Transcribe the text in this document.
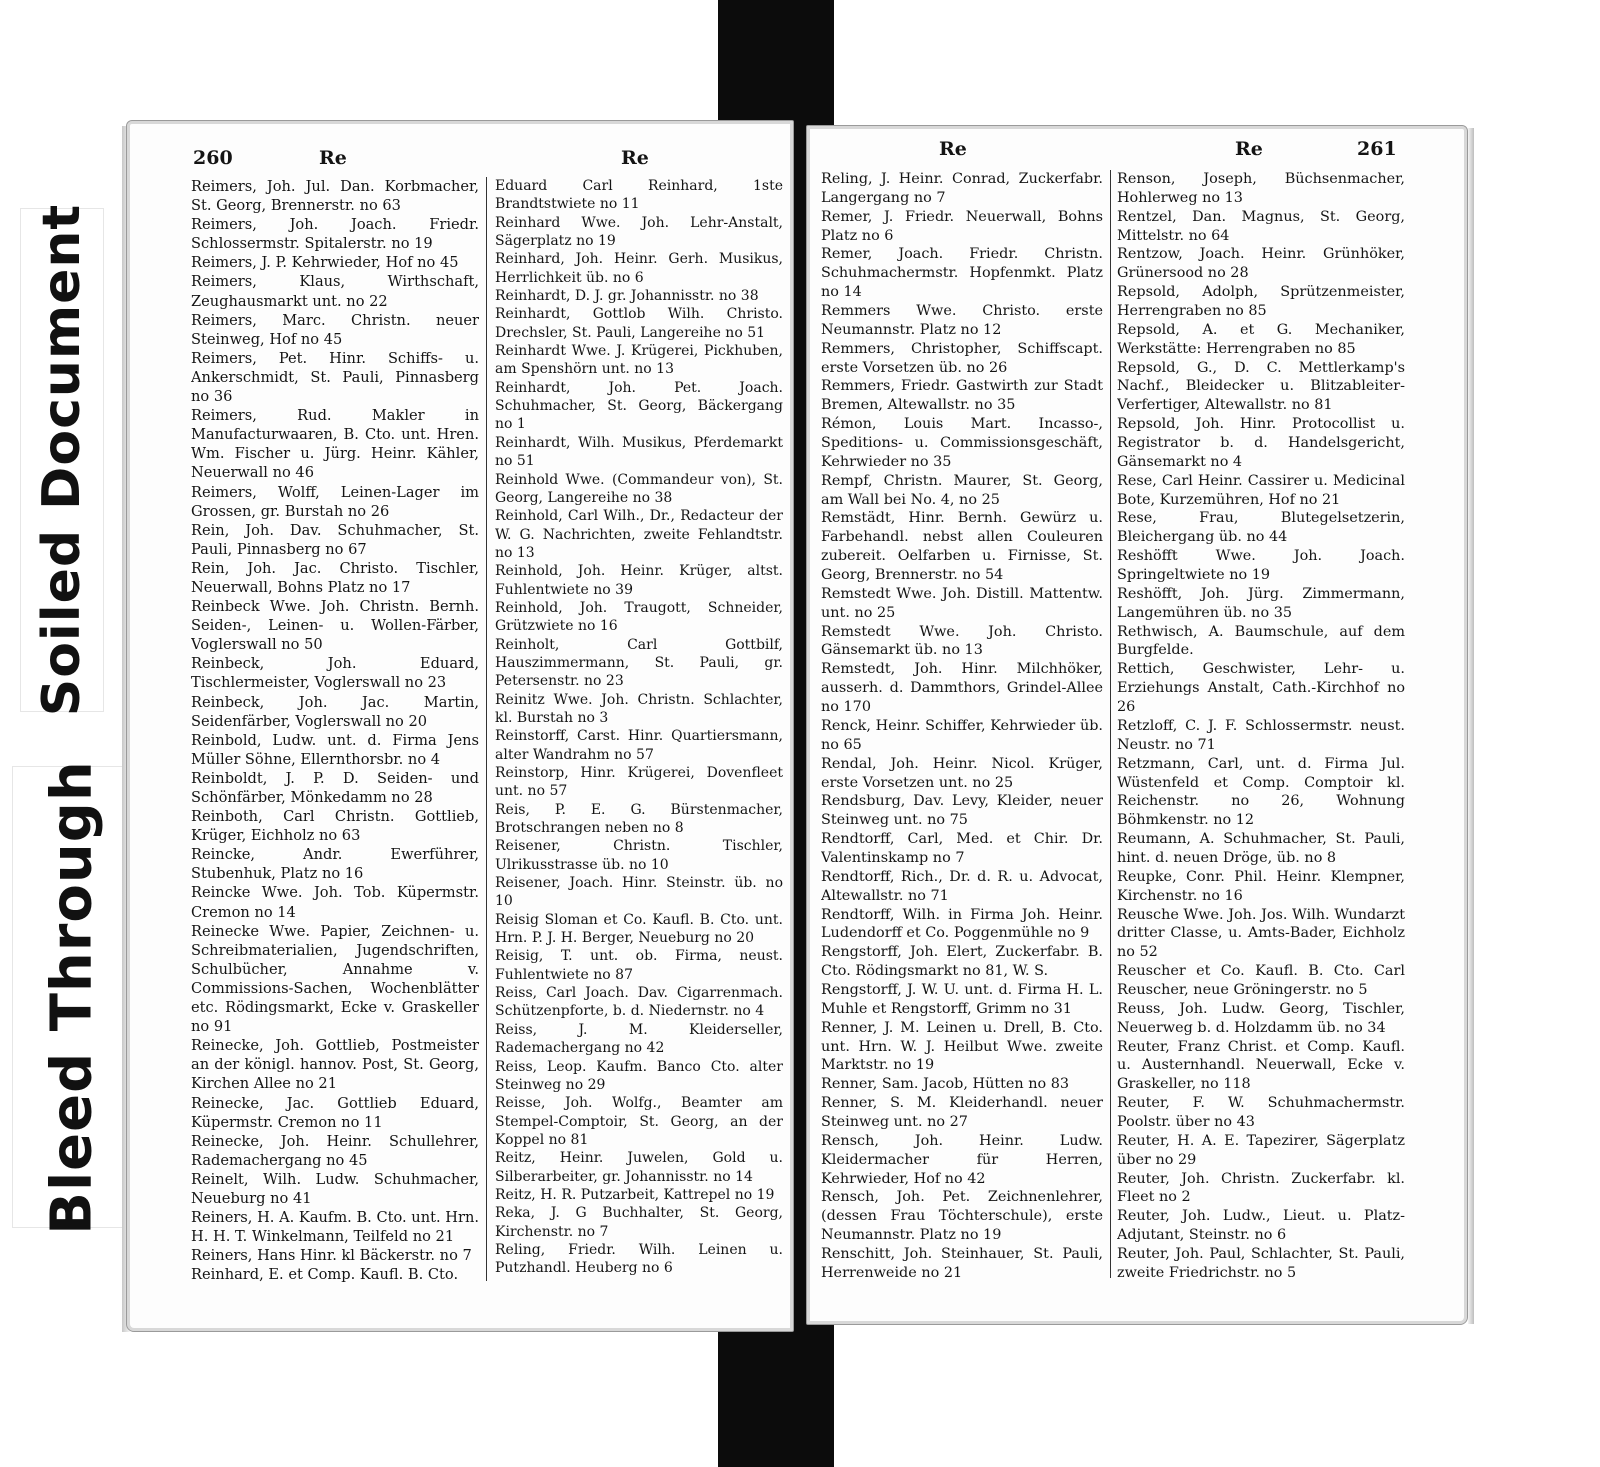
Soiled Document
Bleed Through
260	Re	Re

Reimers, Joh. Jul. Dan. Korbmacher, St. Georg, Brennerstr. no 63

Reimers, Joh. Joach. Friedr. Schlossermstr. Spitalerstr. no 19

Reimers, J. P. Kehrwieder, Hof no 45

Reimers, Klaus, Wirthschaft, Zeughausmarkt unt. no 22

Reimers, Marc. Christn. neuer Steinweg, Hof no 45

Reimers, Pet. Hinr. Schiffs- u. Ankerschmidt, St. Pauli, Pinnasberg no 36

Reimers, Rud. Makler in Manufacturwaaren, B. Cto. unt. Hren. Wm. Fischer u. Jürg. Heinr. Kähler, Neuerwall no 46

Reimers, Wolff, Leinen-Lager im Grossen, gr. Burstah no 26

Rein, Joh. Dav. Schuhmacher, St. Pauli, Pinnasberg no 67

Rein, Joh. Jac. Christo. Tischler, Neuerwall, Bohns Platz no 17

Reinbeck Wwe. Joh. Christn. Bernh. Seiden-, Leinen- u. Wollen-Färber, Voglerswall no 50

Reinbeck, Joh. Eduard, Tischlermeister, Voglerswall no 23

Reinbeck, Joh. Jac. Martin, Seidenfärber, Voglerswall no 20

Reinbold, Ludw. unt. d. Firma Jens Müller Söhne, Ellernthorsbr. no 4

Reinboldt, J. P. D. Seiden- und Schönfärber, Mönkedamm no 28

Reinboth, Carl Christn. Gottlieb, Krüger, Eichholz no 63

Reincke, Andr. Ewerführer, Stubenhuk, Platz no 16

Reincke Wwe. Joh. Tob. Küpermstr. Cremon no 14

Reinecke Wwe. Papier, Zeichnen- u. Schreibmaterialien, Jugendschriften, Schulbücher, Annahme v. Commissions-Sachen, Wochenblätter etc. Rödingsmarkt, Ecke v. Graskeller no 91

Reinecke, Joh. Gottlieb, Postmeister an der königl. hannov. Post, St. Georg, Kirchen Allee no 21

Reinecke, Jac. Gottlieb Eduard, Küpermstr. Cremon no 11

Reinecke, Joh. Heinr. Schullehrer, Rademachergang no 45

Reinelt, Wilh. Ludw. Schuhmacher, Neueburg no 41

Reiners, H. A. Kaufm. B. Cto. unt. Hrn. H. H. T. Winkelmann, Teilfeld no 21

Reiners, Hans Hinr. kl Bäckerstr. no 7

Reinhard, E. et Comp. Kaufl. B. Cto.

Eduard Carl Reinhard, 1ste Brandtstwiete no 11

Reinhard Wwe. Joh. Lehr-Anstalt, Sägerplatz no 19

Reinhard, Joh. Heinr. Gerh. Musikus, Herrlichkeit üb. no 6

Reinhardt, D. J. gr. Johannisstr. no 38

Reinhardt, Gottlob Wilh. Christo. Drechsler, St. Pauli, Langereihe no 51

Reinhardt Wwe. J. Krügerei, Pickhuben, am Spenshörn unt. no 13

Reinhardt, Joh. Pet. Joach. Schuhmacher, St. Georg, Bäckergang no 1

Reinhardt, Wilh. Musikus, Pferdemarkt no 51

Reinhold Wwe. (Commandeur von), St. Georg, Langereihe no 38

Reinhold, Carl Wilh., Dr., Redacteur der W. G. Nachrichten, zweite Fehlandtstr. no 13

Reinhold, Joh. Heinr. Krüger, altst. Fuhlentwiete no 39

Reinhold, Joh. Traugott, Schneider, Grützwiete no 16

Reinholt, Carl Gottbilf, Hauszimmermann, St. Pauli, gr. Petersenstr. no 23

Reinitz Wwe. Joh. Christn. Schlachter, kl. Burstah no 3

Reinstorff, Carst. Hinr. Quartiersmann, alter Wandrahm no 57

Reinstorp, Hinr. Krügerei, Dovenfleet unt. no 57

Reis, P. E. G. Bürstenmacher, Brotschrangen neben no 8

Reisener, Christn. Tischler, Ulrikusstrasse üb. no 10

Reisener, Joach. Hinr. Steinstr. üb. no 10

Reisig Sloman et Co. Kaufl. B. Cto. unt. Hrn. P. J. H. Berger, Neueburg no 20

Reisig, T. unt. ob. Firma, neust. Fuhlentwiete no 87

Reiss, Carl Joach. Dav. Cigarrenmach. Schützenpforte, b. d. Niedernstr. no 4

Reiss, J. M. Kleiderseller, Rademachergang no 42

Reiss, Leop. Kaufm. Banco Cto. alter Steinweg no 29

Reisse, Joh. Wolfg., Beamter am Stempel-Comptoir, St. Georg, an der Koppel no 81

Reitz, Heinr. Juwelen, Gold u. Silberarbeiter, gr. Johannisstr. no 14

Reitz, H. R. Putzarbeit, Kattrepel no 19

Reka, J. G Buchhalter, St. Georg, Kirchenstr. no 7

Reling, Friedr. Wilh. Leinen u. Putzhandl. Heuberg no 6

Re	Re	261

Reling, J. Heinr. Conrad, Zuckerfabr. Langergang no 7

Remer, J. Friedr. Neuerwall, Bohns Platz no 6

Remer, Joach. Friedr. Christn. Schuhmachermstr. Hopfenmkt. Platz no 14

Remmers Wwe. Christo. erste Neumannstr. Platz no 12

Remmers, Christopher, Schiffscapt. erste Vorsetzen üb. no 26

Remmers, Friedr. Gastwirth zur Stadt Bremen, Altewallstr. no 35

Rémon, Louis Mart. Incasso-, Speditions- u. Commissionsgeschäft, Kehrwieder no 35

Rempf, Christn. Maurer, St. Georg, am Wall bei No. 4, no 25

Remstädt, Hinr. Bernh. Gewürz u. Farbehandl. nebst allen Couleuren zubereit. Oelfarben u. Firnisse, St. Georg, Brennerstr. no 54

Remstedt Wwe. Joh. Distill. Mattentw. unt. no 25

Remstedt Wwe. Joh. Christo. Gänsemarkt üb. no 13

Remstedt, Joh. Hinr. Milchhöker, ausserh. d. Dammthors, Grindel-Allee no 170

Renck, Heinr. Schiffer, Kehrwieder üb. no 65

Rendal, Joh. Heinr. Nicol. Krüger, erste Vorsetzen unt. no 25

Rendsburg, Dav. Levy, Kleider, neuer Steinweg unt. no 75

Rendtorff, Carl, Med. et Chir. Dr. Valentinskamp no 7

Rendtorff, Rich., Dr. d. R. u. Advocat, Altewallstr. no 71

Rendtorff, Wilh. in Firma Joh. Heinr. Ludendorff et Co. Poggenmühle no 9

Rengstorff, Joh. Elert, Zuckerfabr. B. Cto. Rödingsmarkt no 81, W. S.

Rengstorff, J. W. U. unt. d. Firma H. L. Muhle et Rengstorff, Grimm no 31

Renner, J. M. Leinen u. Drell, B. Cto. unt. Hrn. W. J. Heilbut Wwe. zweite Marktstr. no 19

Renner, Sam. Jacob, Hütten no 83

Renner, S. M. Kleiderhandl. neuer Steinweg unt. no 27

Rensch, Joh. Heinr. Ludw. Kleidermacher für Herren, Kehrwieder, Hof no 42

Rensch, Joh. Pet. Zeichnenlehrer, (dessen Frau Töchterschule), erste Neumannstr. Platz no 19

Renschitt, Joh. Steinhauer, St. Pauli, Herrenweide no 21

Renson, Joseph, Büchsenmacher, Hohlerweg no 13

Rentzel, Dan. Magnus, St. Georg, Mittelstr. no 64

Rentzow, Joach. Heinr. Grünhöker, Grünersood no 28

Repsold, Adolph, Sprützenmeister, Herrengraben no 85

Repsold, A. et G. Mechaniker, Werkstätte: Herrengraben no 85

Repsold, G., D. C. Mettlerkamp's Nachf., Bleidecker u. Blitzableiter-Verfertiger, Altewallstr. no 81

Repsold, Joh. Hinr. Protocollist u. Registrator b. d. Handelsgericht, Gänsemarkt no 4

Rese, Carl Heinr. Cassirer u. Medicinal Bote, Kurzemühren, Hof no 21

Rese, Frau, Blutegelsetzerin, Bleichergang üb. no 44

Reshöfft Wwe. Joh. Joach. Springeltwiete no 19

Reshöfft, Joh. Jürg. Zimmermann, Langemühren üb. no 35

Rethwisch, A. Baumschule, auf dem Burgfelde.

Rettich, Geschwister, Lehr- u. Erziehungs Anstalt, Cath.-Kirchhof no 26

Retzloff, C. J. F. Schlossermstr. neust. Neustr. no 71

Retzmann, Carl, unt. d. Firma Jul. Wüstenfeld et Comp. Comptoir kl. Reichenstr. no 26, Wohnung Böhmkenstr. no 12

Reumann, A. Schuhmacher, St. Pauli, hint. d. neuen Dröge, üb. no 8

Reupke, Conr. Phil. Heinr. Klempner, Kirchenstr. no 16

Reusche Wwe. Joh. Jos. Wilh. Wundarzt dritter Classe, u. Amts-Bader, Eichholz no 52

Reuscher et Co. Kaufl. B. Cto. Carl Reuscher, neue Gröningerstr. no 5

Reuss, Joh. Ludw. Georg, Tischler, Neuerweg b. d. Holzdamm üb. no 34

Reuter, Franz Christ. et Comp. Kaufl. u. Austernhandl. Neuerwall, Ecke v. Graskeller, no 118

Reuter, F. W. Schuhmachermstr. Poolstr. über no 43

Reuter, H. A. E. Tapezirer, Sägerplatz über no 29

Reuter, Joh. Christn. Zuckerfabr. kl. Fleet no 2

Reuter, Joh. Ludw., Lieut. u. Platz-Adjutant, Steinstr. no 6

Reuter, Joh. Paul, Schlachter, St. Pauli, zweite Friedrichstr. no 5
